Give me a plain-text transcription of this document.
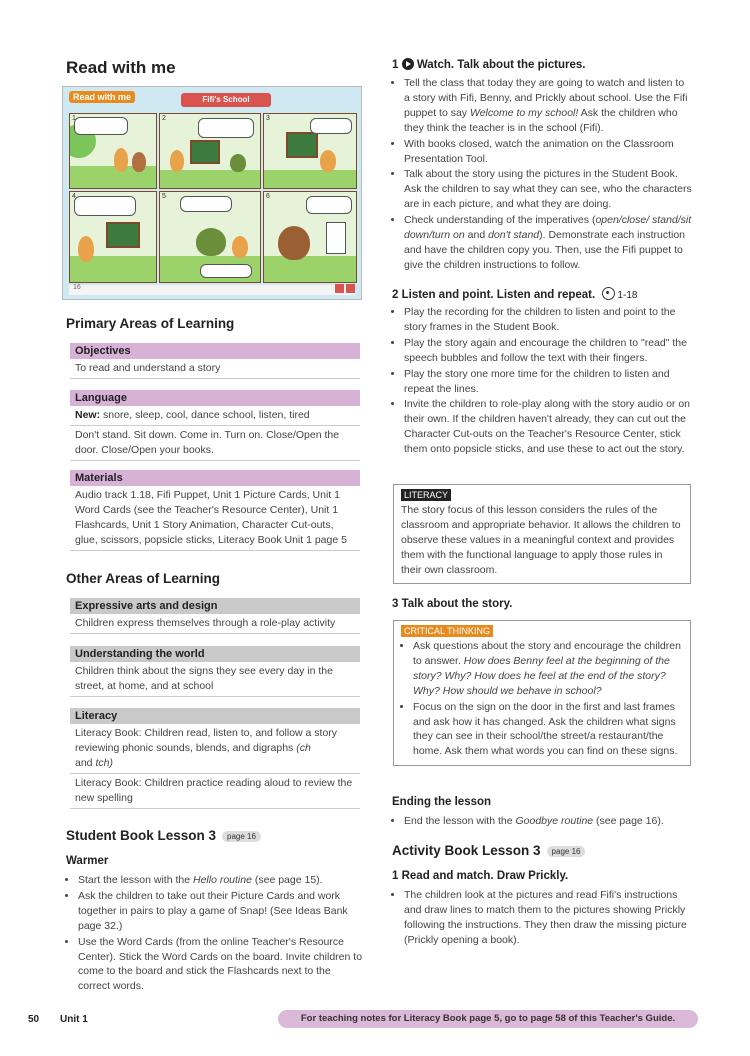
Read with me
Read with me	Fifi's School
1	2	3
4	5	6
16
Primary Areas of Learning
Objectives
To read and understand a story
Language
New: snore, sleep, cool, dance school, listen, tired
Don't stand. Sit down. Come in. Turn on. Close/Open the door. Close/Open your books.
Materials
Audio track 1.18, Fifi Puppet, Unit 1 Picture Cards, Unit 1 Word Cards (see the Teacher's Resource Center), Unit 1 Flashcards, Unit 1 Story Animation, Character Cut-outs, glue, scissors, popsicle sticks, Literacy Book Unit 1 page 5
Other Areas of Learning
Expressive arts and design
Children express themselves through a role-play activity
Understanding the world
Children think about the signs they see every day in the street, at home, and at school
Literacy
Literacy Book: Children read, listen to, and follow a story reviewing phonic sounds, blends, and digraphs (ch
and tch)
Literacy Book: Children practice reading aloud to review the new spelling
Student Book Lesson 3 page 16
Warmer
• Start the lesson with the Hello routine (see page 15).
• Ask the children to take out their Picture Cards and work together in pairs to play a game of Snap! (See Ideas Bank page 32.)
• Use the Word Cards (from the online Teacher's Resource Center). Stick the Word Cards on the board. Invite children to come to the board and stick the Flashcards next to the correct words.
1 Watch. Talk about the pictures.
• Tell the class that today they are going to watch and listen to a story with Fifi, Benny, and Prickly about school. Use the Fifi puppet to say Welcome to my school! Ask the children who they think the teacher is in the school (Fifi).
• With books closed, watch the animation on the Classroom Presentation Tool.
• Talk about the story using the pictures in the Student Book. Ask the children to say what they can see, who the characters are in each picture, and what they are doing.
• Check understanding of the imperatives (open/close/ stand/sit down/turn on and don't stand). Demonstrate each instruction and have the children copy you. Then, use the Fifi puppet to give the children instructions to follow.
2 Listen and point. Listen and repeat. 1-18
• Play the recording for the children to listen and point to the story frames in the Student Book.
• Play the story again and encourage the children to "read" the speech bubbles and follow the text with their fingers.
• Play the story one more time for the children to listen and repeat the lines.
• Invite the children to role-play along with the story audio or on their own. If the children haven't already, they can cut out the Character Cut-outs on the Teacher's Resource Center, stick them onto popsicle sticks, and use these to act out the story.
LITERACY
The story focus of this lesson considers the rules of the classroom and appropriate behavior. It allows the children to observe these values in a meaningful context and provides them with the functional language to apply those rules in their own classroom.
3 Talk about the story.
CRITICAL THINKING
• Ask questions about the story and encourage the children to answer. How does Benny feel at the beginning of the story? Why? How does he feel at the end of the story? Why? How should we behave in school?
• Focus on the sign on the door in the first and last frames and ask how it has changed. Ask the children what signs they can see in their school/the street/a restaurant/the home. Ask them what words you can find on these signs.
Ending the lesson
• End the lesson with the Goodbye routine (see page 16).
Activity Book Lesson 3 page 16
1 Read and match. Draw Prickly.
• The children look at the pictures and read Fifi's instructions and draw lines to match them to the pictures showing Prickly following the instructions. They then draw the missing picture (Prickly opening a book).
50 Unit 1	For teaching notes for Literacy Book page 5, go to page 58 of this Teacher's Guide.
